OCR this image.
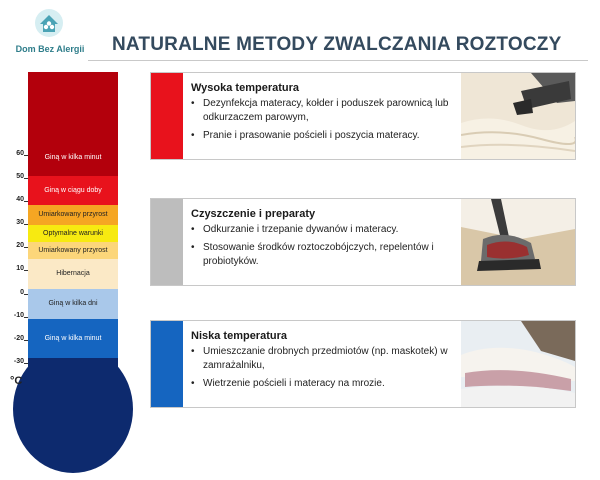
Dom Bez Alergii NATURALNE METODY ZWALCZANIA ROZTOCZY
Giną w kilka minut
Giną w ciągu doby
Umiarkowany przyrost
Optymalne warunki
Umiarkowany przyrost
Hibernacja
Giną w kilka dni
Giną w kilka minut
60
50
40
30
20
10
0
-10
-20
-30
°C
Wysoka temperatura
• Dezynfekcja materacy, kołder i poduszek parownicą lub odkurzaczem parowym,
• Pranie i prasowanie pościeli i poszycia materacy.
Czyszczenie i preparaty
• Odkurzanie i trzepanie dywanów i materacy.
• Stosowanie środków roztoczobójczych, repelentów i probiotyków.
Niska temperatura
• Umieszczanie drobnych przedmiotów (np. maskotek) w zamrażalniku,
• Wietrzenie pościeli i materacy na mrozie.
